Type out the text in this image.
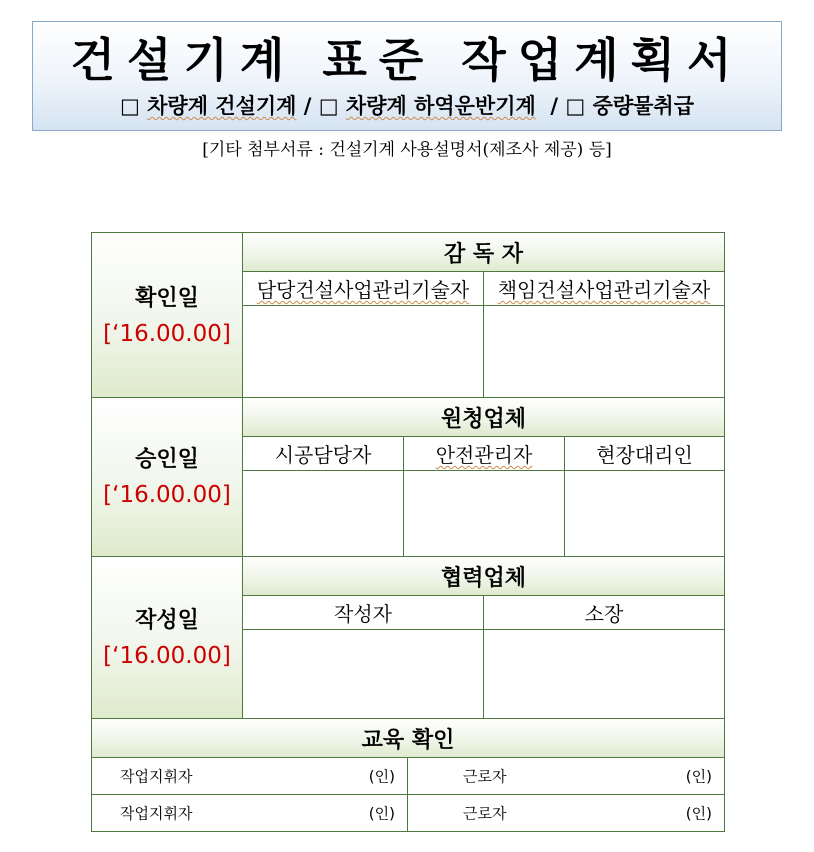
건설기계 표준 작업계획서
□ 차량계 건설기계 / □ 차량계 하역운반기계 / □ 중량물취급
[기타 첨부서류 : 건설기계 사용설명서(제조사 제공) 등]
확인일
[‘16.00.00]
감 독 자
담당건설사업관리기술자	책임건설사업관리기술자
승인일
[‘16.00.00]
원청업체
시공담당자	안전관리자	현장대리인
작성일
[‘16.00.00]
협력업체
작성자	소장
교육 확인
작업지휘자	(인)	근로자	(인)
작업지휘자	(인)	근로자	(인)
